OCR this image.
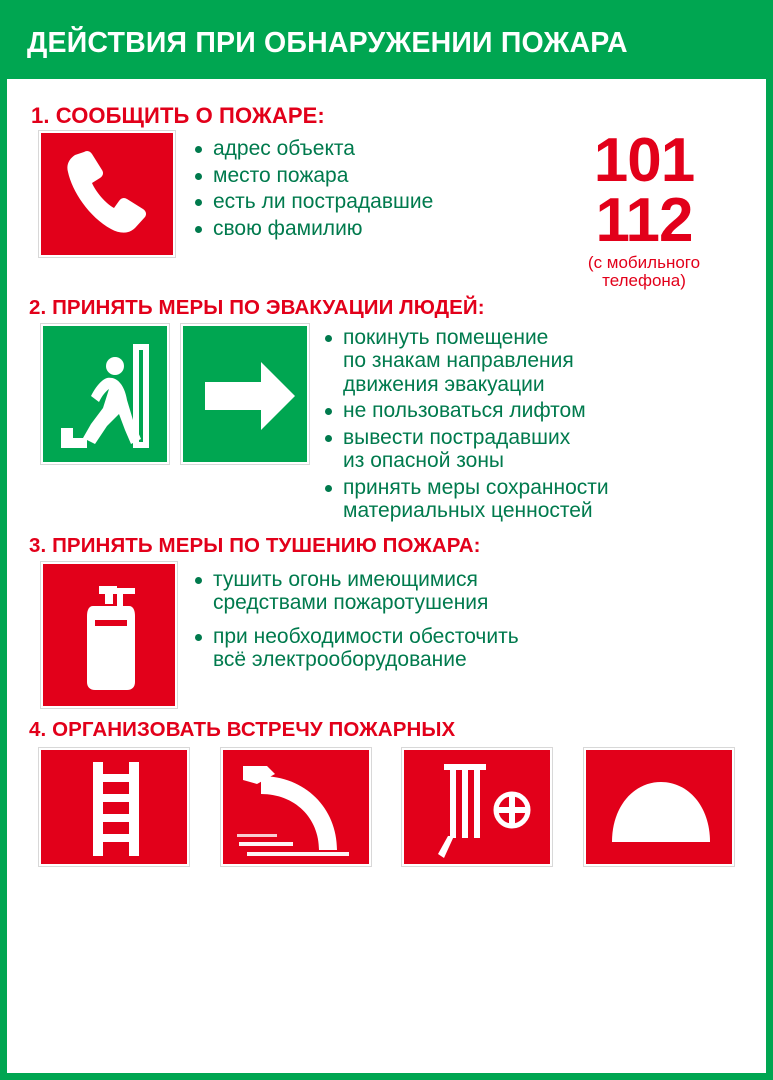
ДЕЙСТВИЯ ПРИ ОБНАРУЖЕНИИ ПОЖАРА
1. СООБЩИТЬ О ПОЖАРЕ:
адрес объекта
место пожара
есть ли пострадавшие
свою фамилию
101
112
(с мобильного
телефона)
2. ПРИНЯТЬ МЕРЫ ПО ЭВАКУАЦИИ ЛЮДЕЙ:
покинуть помещение
по знакам направления
движения эвакуации
не пользоваться лифтом
вывести пострадавших
из опасной зоны
принять меры сохранности
материальных ценностей
3. ПРИНЯТЬ МЕРЫ ПО ТУШЕНИЮ ПОЖАРА:
тушить огонь имеющимися
средствами пожаротушения
при необходимости обесточить
всё электрооборудование
4. ОРГАНИЗОВАТЬ ВСТРЕЧУ ПОЖАРНЫХ
